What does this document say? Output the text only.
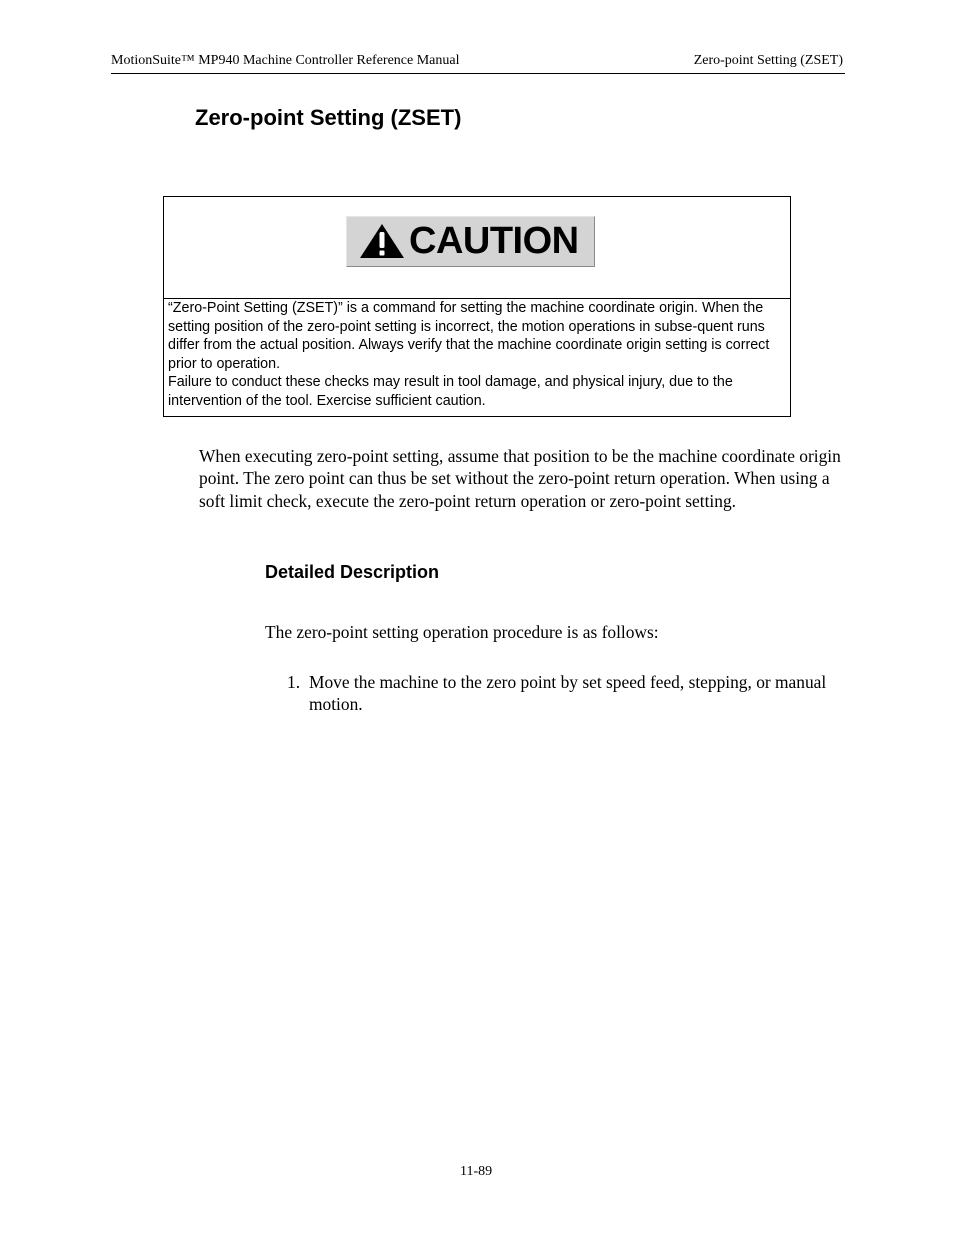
MotionSuite™ MP940 Machine Controller Reference Manual	Zero-point Setting (ZSET)
Zero-point Setting (ZSET)
CAUTION

“Zero-Point Setting (ZSET)” is a command for setting the machine coordinate origin. When the setting position of the zero-point setting is incorrect, the motion operations in subse-quent runs differ from the actual position. Always verify that the machine coordinate origin setting is correct prior to operation.

Failure to conduct these checks may result in tool damage, and physical injury, due to the intervention of the tool. Exercise sufficient caution.

When executing zero-point setting, assume that position to be the machine coordinate origin point. The zero point can thus be set without the zero-point return operation. When using a soft limit check, execute the zero-point return operation or zero-point setting.

Detailed Description

The zero-point setting operation procedure is as follows:

1. Move the machine to the zero point by set speed feed, stepping, or manual motion.
11-89
